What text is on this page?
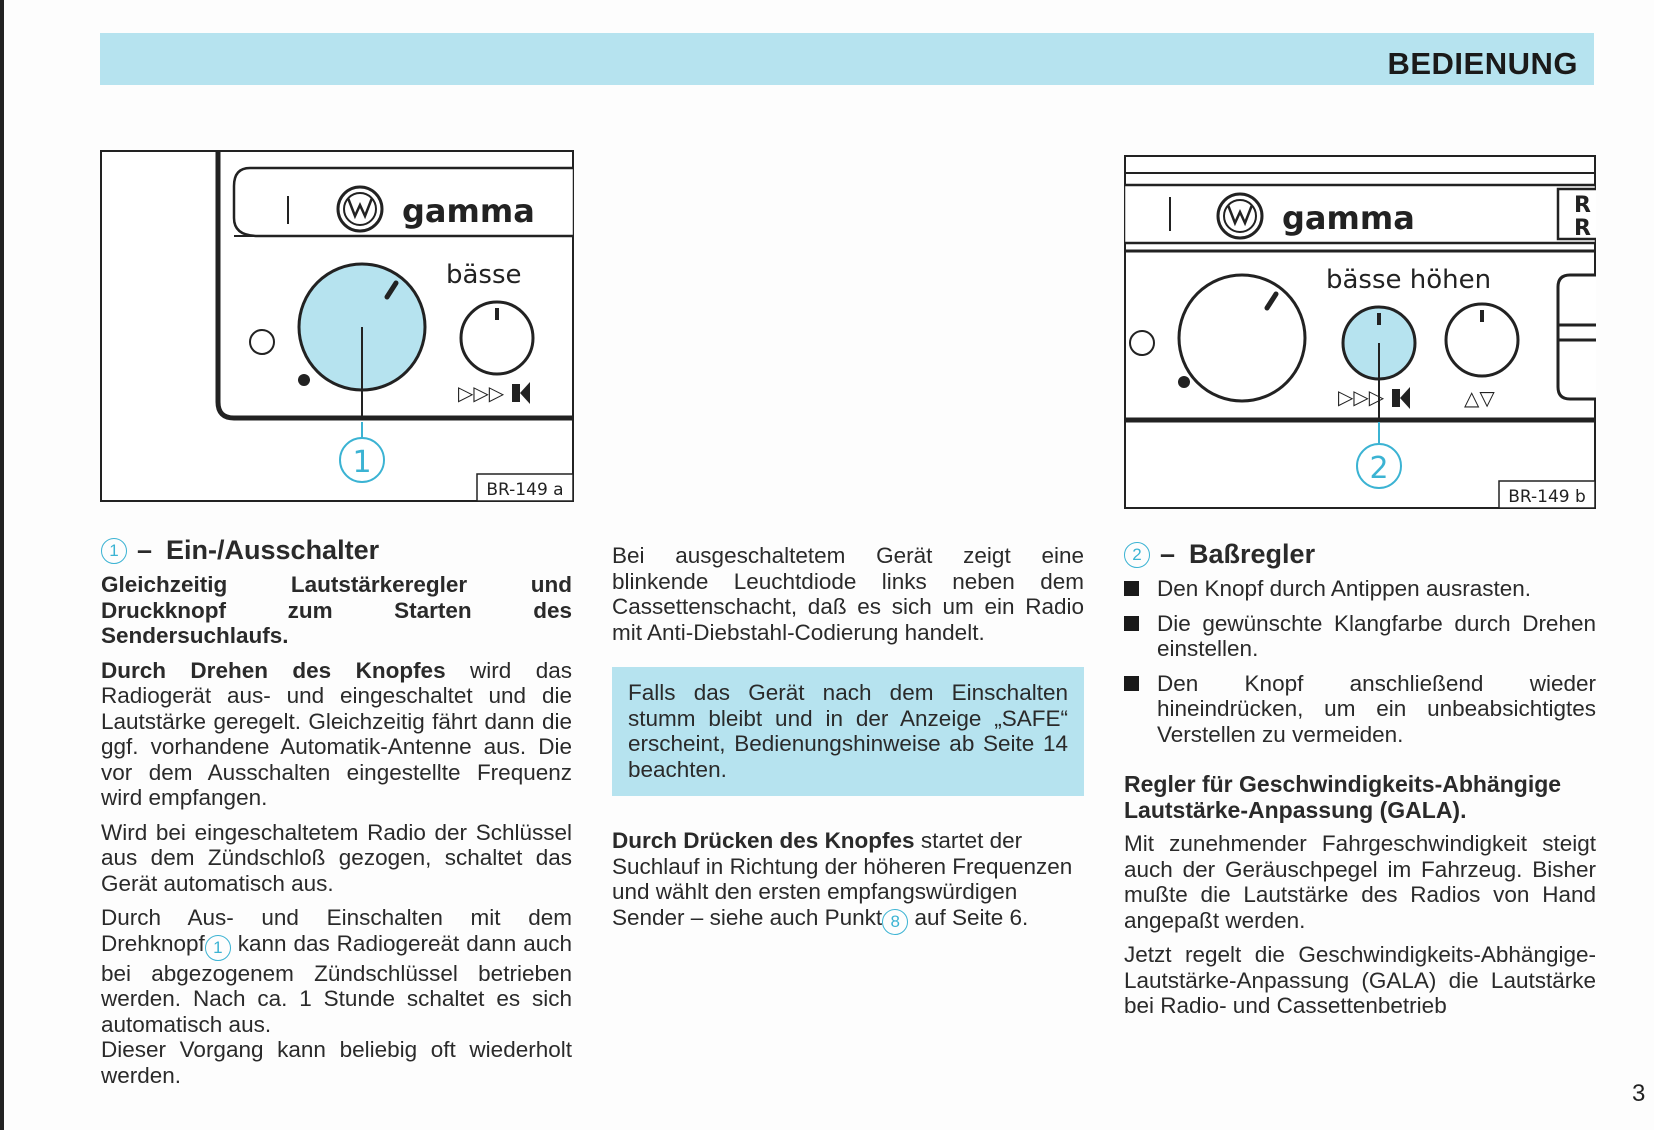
BEDIENUNG
gamma
bässe
▷▷▷
1
BR-149 a
gamma	R
R
bässe höhen
▷▷▷	△▽
2
BR-149 b
1 – Ein-/Ausschalter

Gleichzeitig Lautstärkeregler und Druckknopf zum Starten des Sendersuchlaufs.

Durch Drehen des Knopfes wird das Radiogerät aus- und eingeschaltet und die Lautstärke geregelt. Gleichzeitig fährt dann die ggf. vorhandene Automatik-Antenne aus. Die vor dem Ausschalten eingestellte Frequenz wird empfangen.

Wird bei eingeschaltetem Radio der Schlüssel aus dem Zündschloß gezogen, schaltet das Gerät automatisch aus.

Durch Aus- und Einschalten mit dem Drehknopf 1 kann das Radiogereät dann auch bei abgezogenem Zündschlüssel betrieben werden. Nach ca. 1 Stunde schaltet es sich automatisch aus.

Dieser Vorgang kann beliebig oft wiederholt werden.

Bei ausgeschaltetem Gerät zeigt eine blinkende Leuchtdiode links neben dem Cassettenschacht, daß es sich um ein Radio mit Anti-Diebstahl-Codierung handelt.

Falls das Gerät nach dem Einschalten stumm bleibt und in der Anzeige „SAFE“ erscheint, Bedienungshinweise ab Seite 14 beachten.

Durch Drücken des Knopfes startet der Suchlauf in Richtung der höheren Frequenzen und wählt den ersten empfangswürdigen Sender – siehe auch Punkt 8 auf Seite 6.

2 – Baßregler
Den Knopf durch Antippen ausrasten.
Die gewünschte Klangfarbe durch Drehen einstellen.
Den Knopf anschließend wieder hineindrücken, um ein unbeabsichtigtes Verstellen zu vermeiden.
Regler für Geschwindigkeits-Abhängige Lautstärke-Anpassung (GALA).

Mit zunehmender Fahrgeschwindigkeit steigt auch der Geräuschpegel im Fahrzeug. Bisher mußte die Lautstärke des Radios von Hand angepaßt werden.

Jetzt regelt die Geschwindigkeits-Abhängige-Lautstärke-Anpassung (GALA) die Lautstärke bei Radio- und Cassettenbetrieb

3
